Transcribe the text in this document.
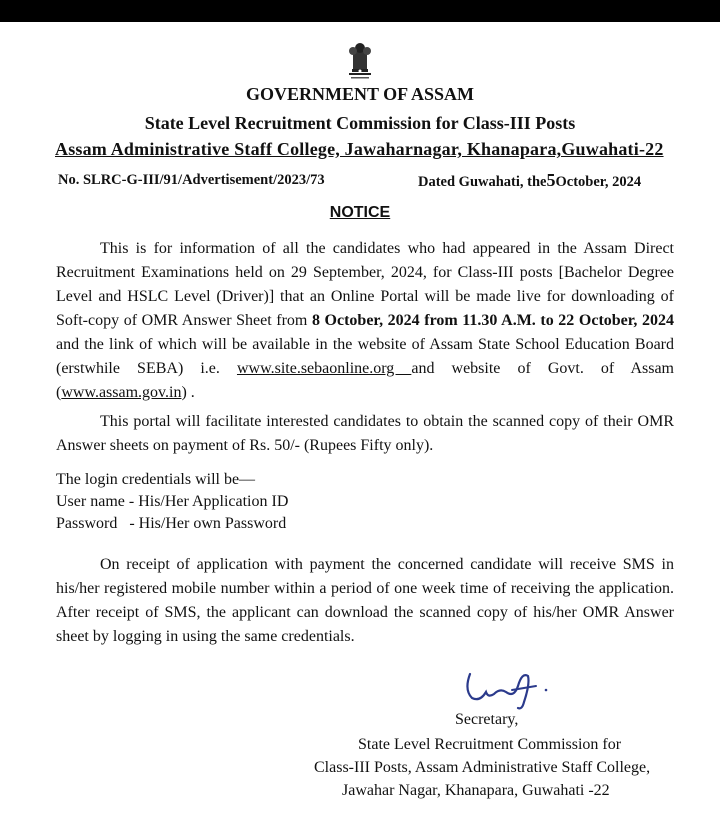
GOVERNMENT OF ASSAM
State Level Recruitment Commission for Class-III Posts
Assam Administrative Staff College, Jawaharnagar, Khanapara,Guwahati-22
No. SLRC-G-III/91/Advertisement/2023/73	Dated Guwahati, the5October, 2024
NOTICE
This is for information of all the candidates who had appeared in the Assam Direct Recruitment Examinations held on 29 September, 2024, for Class-III posts [Bachelor Degree Level and HSLC Level (Driver)] that an Online Portal will be made live for downloading of Soft-copy of OMR Answer Sheet from 8 October, 2024 from 11.30 A.M. to 22 October, 2024 and the link of which will be available in the website of Assam State School Education Board (erstwhile SEBA) i.e. www.site.sebaonline.org and website of Govt. of Assam (www.assam.gov.in) .
This portal will facilitate interested candidates to obtain the scanned copy of their OMR Answer sheets on payment of Rs. 50/- (Rupees Fifty only).
The login credentials will be—
User name - His/Her Application ID
Password   - His/Her own Password
On receipt of application with payment the concerned candidate will receive SMS in his/her registered mobile number within a period of one week time of receiving the application. After receipt of SMS, the applicant can download the scanned copy of his/her OMR Answer sheet by logging in using the same credentials.
Secretary,
State Level Recruitment Commission for
Class-III Posts, Assam Administrative Staff College,
Jawahar Nagar, Khanapara, Guwahati -22
